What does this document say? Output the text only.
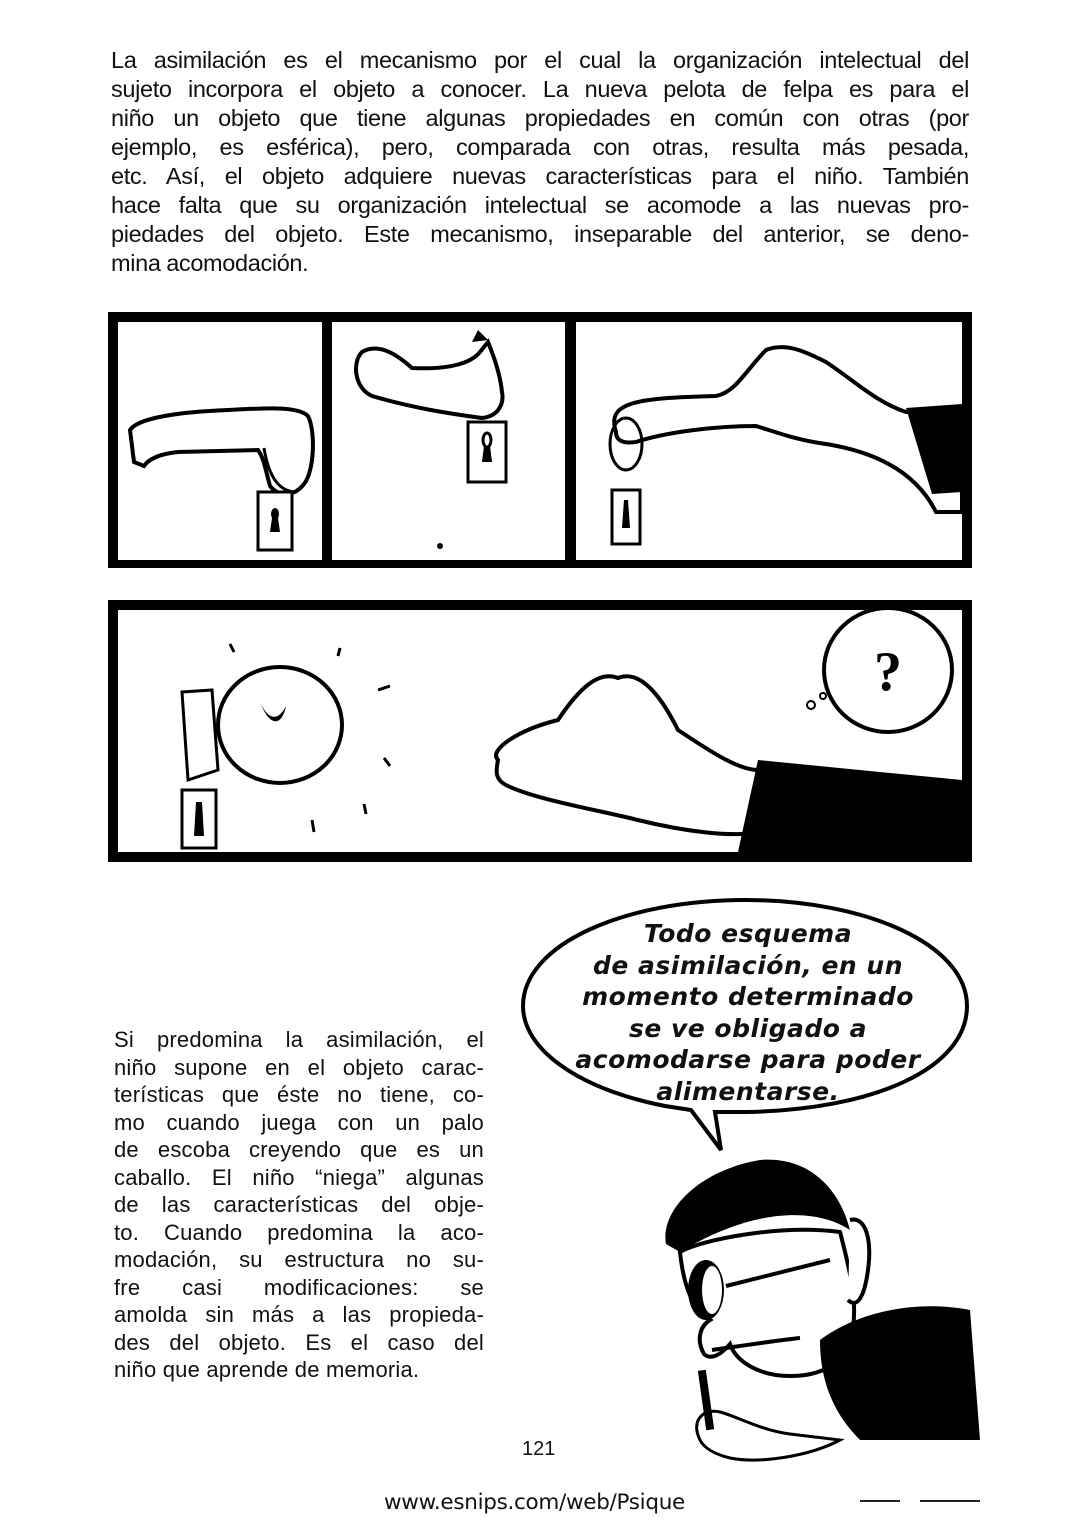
La asimilación es el mecanismo por el cual la organización intelectual del
sujeto incorpora el objeto a conocer. La nueva pelota de felpa es para el
niño un objeto que tiene algunas propiedades en común con otras (por
ejemplo, es esférica), pero, comparada con otras, resulta más pesada,
etc. Así, el objeto adquiere nuevas características para el niño. También
hace falta que su organización intelectual se acomode a las nuevas pro-
piedades del objeto. Este mecanismo, inseparable del anterior, se deno-
mina acomodación.
?
Si predomina la asimilación, el
niño supone en el objeto carac-
terísticas que éste no tiene, co-
mo cuando juega con un palo
de escoba creyendo que es un
caballo. El niño “niega” algunas
de las características del obje-
to. Cuando predomina la aco-
modación, su estructura no su-
fre casi modificaciones: se
amolda sin más a las propieda-
des del objeto. Es el caso del
niño que aprende de memoria.
Todo esquema
de asimilación, en un
momento determinado
se ve obligado a
acomodarse para poder
alimentarse.
121
www.esnips.com/web/Psique
